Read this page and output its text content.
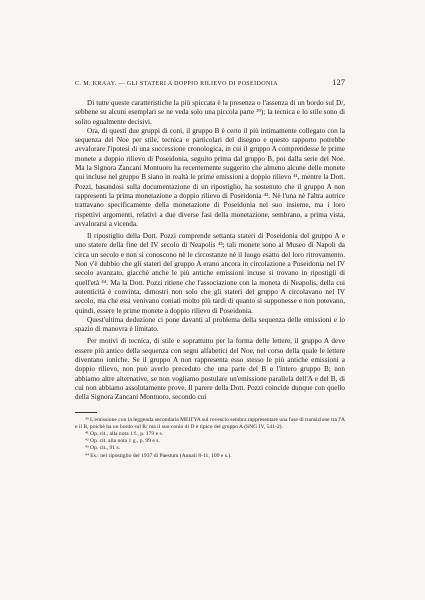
C. M. KRAAY. — GLI STATERI A DOPPIO RILIEVO DI POSEIDONIA	127

Di tutte queste caratteristiche la più spiccata è la presenza o l'assenza di un bordo sul D/, sebbene su alcuni esemplari se ne veda solo una piccola parte ³⁹); la tecnica e lo stile sono di solito egualmente decisivi.

Ora, di questi due gruppi di coni, il gruppo B è certo il più intimamente collegato con la sequenza del Noe per stile, tecnica e particolari del disegno e questo rapporto potrebbe avvalorare l'ipotesi di una successione cronologica, in cui il gruppo A comprendesse le prime monete a doppio rilievo di Poseidonia, seguito prima dal gruppo B, poi dalla serie del Noe. Ma la Signora Zancani Montuoro ha recentemente suggerito che almeno alcune delle monete qui incluse nel gruppo B siano in realtà le prime emissioni a doppio rilievo ⁴¹, mentre la Dott. Pozzi, basandosi sulla documentazione di un ripostiglio, ha sostenuto che il gruppo A non rappresenti la prima monetazione a doppio rilievo di Poseidonia ⁴². Nè l'una nè l'altra autrice trattavano specificamente della monetazione di Poseidonia nel suo insieme, ma i loro rispettivi argomenti, relativi a due diverse fasi della monetazione, sembrano, a prima vista, avvalorarsi a vicenda.

Il ripostiglio della Dott. Pozzi comprende settanta stateri di Poseidonia del gruppo A e uno statere della fine del IV secolo di Neapolis ⁴³; tali monete sono al Museo di Napoli da circa un secolo e non si conoscono nè le circostanze nè il luogo esatto del loro ritrovamento. Non v'è dubbio che gli stateri del gruppo A erano ancora in circolazione a Poseidonia nel IV secolo avanzato, giacchè anche le più antiche emissioni incuse si trovano in ripostigli di quell'età ⁴⁴. Ma la Dott. Pozzi ritiene che l'associazione con la moneta di Neapolis, della cui autenticità è convinta, dimostri non solo che gli stateri del gruppo A circolavano nel IV secolo, ma che essi venivano coniati molto più tardi di quanto si supponesse e non potevano, quindi, essere le prime monete a doppio rilievo di Poseidonia.

Quest'ultima deduzione ci pone davanti al problema della sequenza delle emissioni e lo spazio di manovra è limitato.

Per motivi di tecnica, di stile e soprattutto per la forma delle lettere, il gruppo A deve essere più antico della sequenza con segni alfabetici del Noe, nel corso della quale le lettere diventano ioniche. Se il gruppo A non rappresenta esso stesso le più antiche emissioni a doppio rilievo, non può averlo preceduto che una parte del B o l'intero gruppo B; non abbiamo altre alternative, se non vogliamo postulare un'emissione parallela dell'A e del B, di cui non abbiamo assolutamente prove. Il parere della Dott. Pozzi coincide dunque con quello della Signora Zancani Montuoro, secondo cui

³⁹ L'emissione con la leggenda secondaria ΜΕΙΓΥΑ sul rovescio sembra rappresentare una fase di transizione tra l'A e il B, poichè ha un bordo sul R/ ma il suo conio di D è tipico del gruppo A (SNG IV, 541-2).

⁴¹ Op. cit., alla nota 1 f., p. 179 e s.

⁴² Op. cit. alla nota 1 g., p. 99 e s.

⁴³ Op. cit., 91 s.

⁴⁴ Es.: nel ripostiglio del 1937 di Paestum (Annali 8-11, 109 e s.).
